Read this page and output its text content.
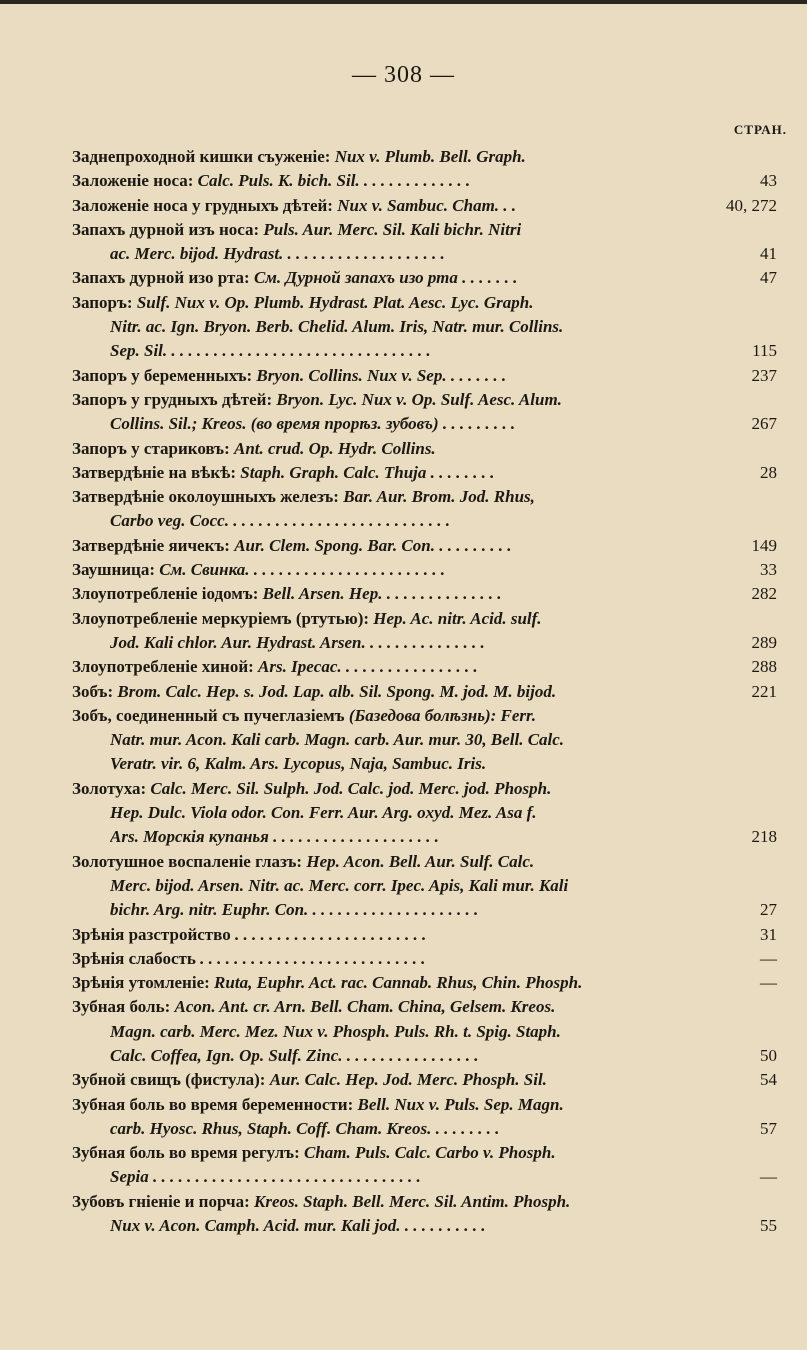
— 308 —
СТРАН.
Заднепроходной кишки съуженіе: Nux v. Plumb. Bell. Graph.
Заложеніе носа: Calc. Puls. K. bich. Sil. . . . . . . . . . . . . .	43
Заложеніе носа у грудныхъ дѣтей: Nux v. Sambuc. Cham. . .	40, 272
Запахъ дурной изъ носа: Puls. Aur. Merc. Sil. Kali bichr. Nitri
ac. Merc. bijod. Hydrast. . . . . . . . . . . . . . . . . . . .	41
Запахъ дурной изо рта: См. Дурной запахъ изо рта . . . . . . .	47
Запоръ: Sulf. Nux v. Op. Plumb. Hydrast. Plat. Aesc. Lyc. Graph.
Nitr. ac. Ign. Bryon. Berb. Chelid. Alum. Iris, Natr. mur. Collins.
Sep. Sil. . . . . . . . . . . . . . . . . . . . . . . . . . . . . . . .	115
Запоръ у беременныхъ: Bryon. Collins. Nux v. Sep. . . . . . . .	237
Запоръ у грудныхъ дѣтей: Bryon. Lyc. Nux v. Op. Sulf. Aesc. Alum.
Collins. Sil.; Kreos. (во время прорѣз. зубовъ) . . . . . . . . .	267
Запоръ у стариковъ: Ant. crud. Op. Hydr. Collins.
Затвердѣніе на вѣкѣ: Staph. Graph. Calc. Thuja . . . . . . . .	28
Затвердѣніе околоушныхъ железъ: Bar. Aur. Brom. Jod. Rhus,
Carbo veg. Cocc. . . . . . . . . . . . . . . . . . . . . . . . . . .
Затвердѣніе яичекъ: Aur. Clem. Spong. Bar. Con. . . . . . . . . .	149
Заушница: См. Свинка. . . . . . . . . . . . . . . . . . . . . . . .	33
Злоупотребленіе іодомъ: Bell. Arsen. Hep. . . . . . . . . . . . . . .	282
Злоупотребленіе меркуріемъ (ртутью): Hep. Ac. nitr. Acid. sulf.
Jod. Kali chlor. Aur. Hydrast. Arsen. . . . . . . . . . . . . . .	289
Злоупотребленіе хиной: Ars. Ipecac. . . . . . . . . . . . . . . . .	288
Зобъ: Brom. Calc. Hep. s. Jod. Lap. alb. Sil. Spong. M. jod. M. bijod.	221
Зобъ, соединенный съ пучеглазіемъ (Базедова болѣзнь): Ferr.
Natr. mur. Acon. Kali carb. Magn. carb. Aur. mur. 30, Bell. Calc.
Veratr. vir. 6, Kalm. Ars. Lycopus, Naja, Sambuc. Iris.
Золотуха: Calc. Merc. Sil. Sulph. Jod. Calc. jod. Merc. jod. Phosph.
Hep. Dulc. Viola odor. Con. Ferr. Aur. Arg. oxyd. Mez. Asa f.
Ars. Морскія купанья . . . . . . . . . . . . . . . . . . . .	218
Золотушное воспаленіе глазъ: Hep. Acon. Bell. Aur. Sulf. Calc.
Merc. bijod. Arsen. Nitr. ac. Merc. corr. Ipec. Apis, Kali mur. Kali
bichr. Arg. nitr. Euphr. Con. . . . . . . . . . . . . . . . . . . . .	27
Зрѣнія разстройство . . . . . . . . . . . . . . . . . . . . . . .	31
Зрѣнія слабость . . . . . . . . . . . . . . . . . . . . . . . . . . .	—
Зрѣнія утомленіе: Ruta, Euphr. Act. rac. Cannab. Rhus, Chin. Phosph.	—
Зубная боль: Acon. Ant. cr. Arn. Bell. Cham. China, Gelsem. Kreos.
Magn. carb. Merc. Mez. Nux v. Phosph. Puls. Rh. t. Spig. Staph.
Calc. Coffea, Ign. Op. Sulf. Zinc. . . . . . . . . . . . . . . . .	50
Зубной свищъ (фистула): Aur. Calc. Hep. Jod. Merc. Phosph. Sil.	54
Зубная боль во время беременности: Bell. Nux v. Puls. Sep. Magn.
carb. Hyosc. Rhus, Staph. Coff. Cham. Kreos. . . . . . . . .	57
Зубная боль во время регулъ: Cham. Puls. Calc. Carbo v. Phosph.
Sepia . . . . . . . . . . . . . . . . . . . . . . . . . . . . . . . .	—
Зубовъ гніеніе и порча: Kreos. Staph. Bell. Merc. Sil. Antim. Phosph.
Nux v. Acon. Camph. Acid. mur. Kali jod. . . . . . . . . . .	55
